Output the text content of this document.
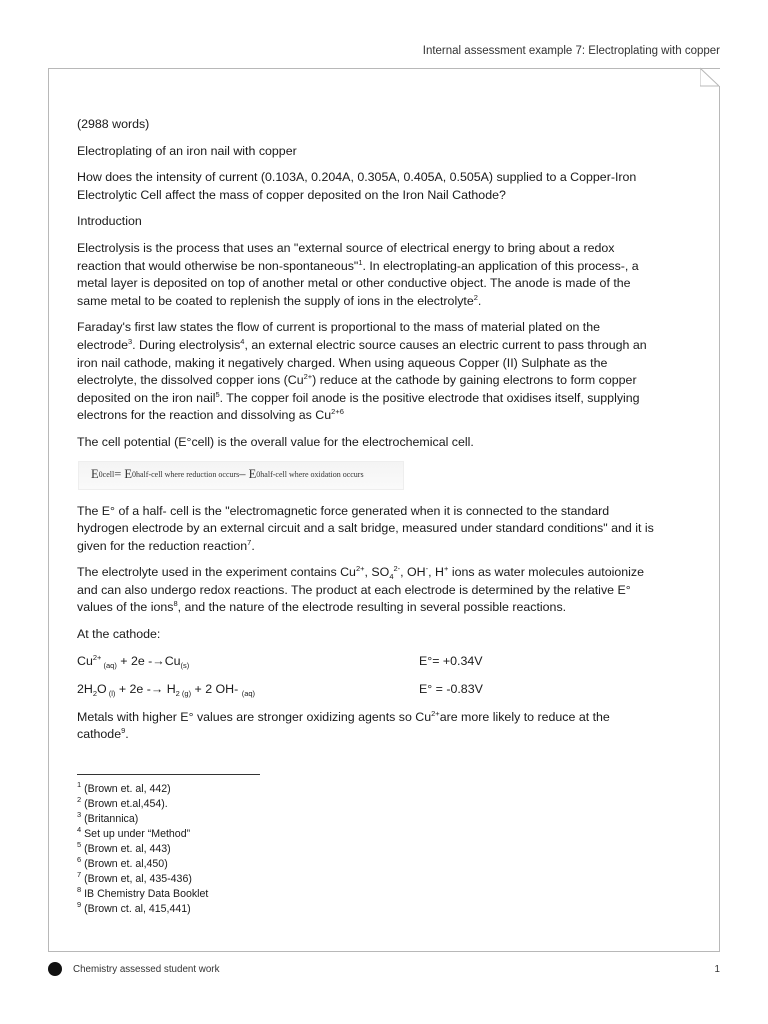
Internal assessment example 7: Electroplating with copper

(2988 words)

Electroplating of an iron nail with copper

How does the intensity of current (0.103A, 0.204A, 0.305A, 0.405A, 0.505A) supplied to a Copper-Iron Electrolytic Cell affect the mass of copper deposited on the Iron Nail Cathode?

Introduction

Electrolysis is the process that uses an "external source of electrical energy to bring about a redox reaction that would otherwise be non-spontaneous"$^1$. In electroplating-an application of this process-, a metal layer is deposited on top of another metal or other conductive object. The anode is made of the same metal to be coated to replenish the supply of ions in the electrolyte$^2$.

Faraday's first law states the flow of current is proportional to the mass of material plated on the electrode$^3$. During electrolysis$^4$, an external electric source causes an electric current to pass through an iron nail cathode, making it negatively charged. When using aqueous Copper (II) Sulphate as the electrolyte, the dissolved copper ions $(Cu^{2+})$ reduce at the cathode by gaining electrons to form copper deposited on the iron nail$^5$. The copper foil anode is the positive electrode that oxidises itself, supplying electrons for the reaction and dissolving as $Cu^{2+6}$

The cell potential (E°cell) is the overall value for the electrochemical cell.

E 0cell = E 0half-cell where reduction occurs – E 0half-cell where oxidation occurs

The E° of a half- cell is the "electromagnetic force generated when it is connected to the standard hydrogen electrode by an external circuit and a salt bridge, measured under standard conditions" and it is given for the reduction reaction$^7$.

The electrolyte used in the experiment contains $Cu^{2+}$, $SO_4^{2-}$, OH-, H+ ions as water molecules autoionize and can also undergo redox reactions. The product at each electrode is determined by the relative E° values of the ions$^8$, and the nature of the electrode resulting in several possible reactions.

At the cathode:

$Cu^{2+}$ $_{(aq)}$ + 2e $-\to Cu_{(s)}$	E°= +0.34V
$2H_2O$ $_{(l)} + 2e -\to H_{2 (g)} + 2$ OH- $_{(aq)}$	E° = -0.83V

Metals with higher E° values are stronger oxidizing agents so $Cu^{2+}are$ more likely to reduce at the cathode$^9$.

$^1$ (Brown et. al, 442)
$^2$ (Brown et.al,454).
$^3$ (Britannica)
$^4$ Set up under “Method”
$^5$ (Brown et. al, 443)
$^6$ (Brown et. al,450)
$^7$ (Brown et, al, 435-436)
$^8$ IB Chemistry Data Booklet
$^9$ (Brown ct. al, 415,441)
Chemistry assessed student work	1
